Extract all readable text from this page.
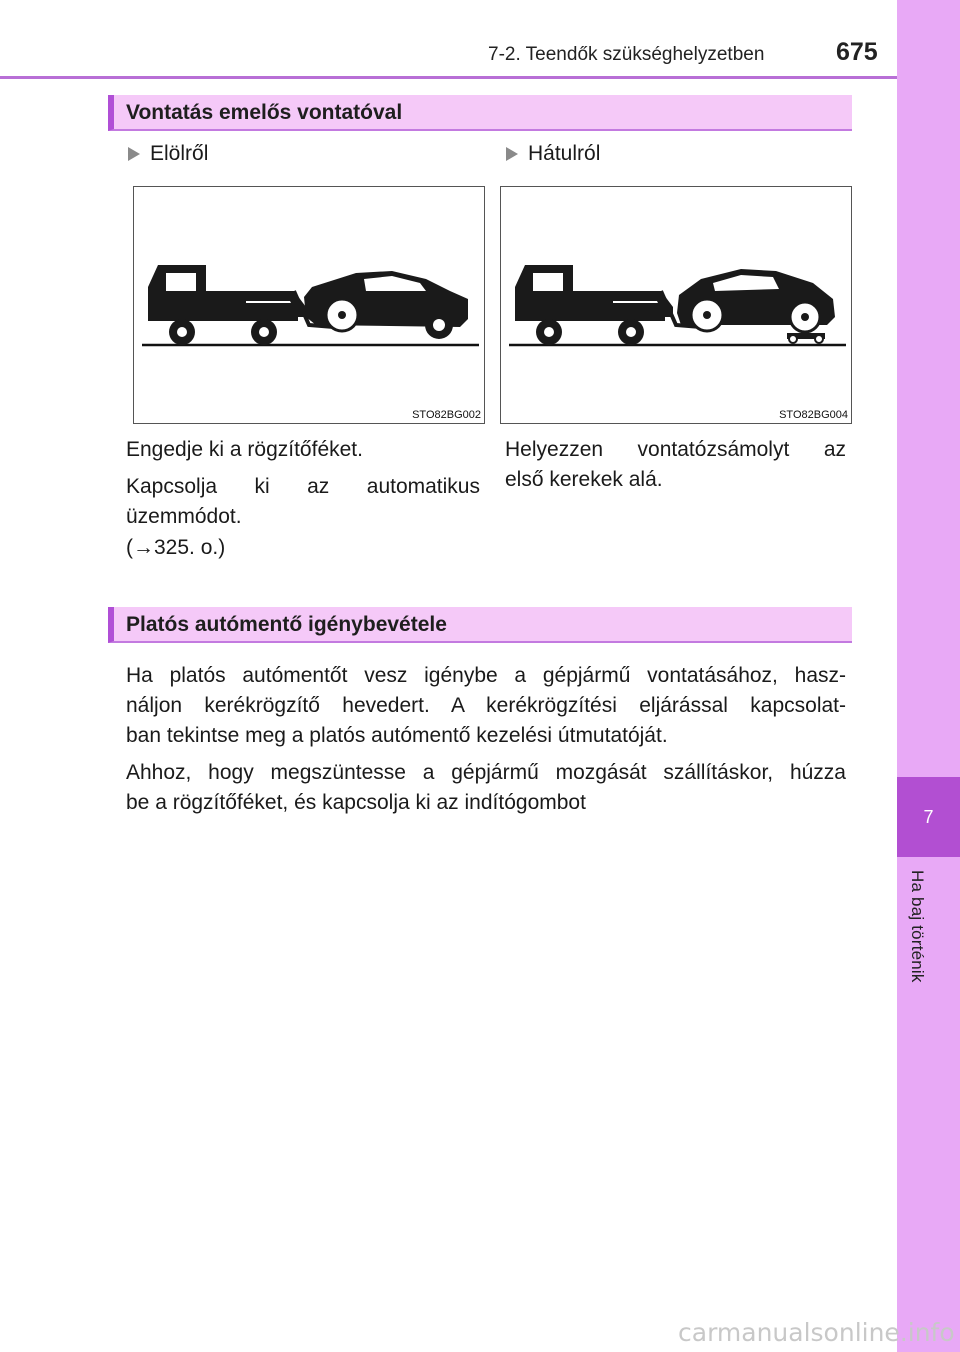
7
Ha baj történik
7-2. Teendők szükséghelyzetben	675
Vontatás emelős vontatóval
Elölről	Hátulról
STO82BG002	STO82BG004
Engedje ki a rögzítőféket.
Kapcsolja ki az automatikus
üzemmódot.
(→325. o.)
Helyezzen vontatózsámolyt az
első kerekek alá.
Platós autómentő igénybevétele
Ha platós autómentőt vesz igénybe a gépjármű vontatásához, hasz-
náljon kerékrögzítő hevedert. A kerékrögzítési eljárással kapcsolat-
ban tekintse meg a platós autómentő kezelési útmutatóját.
Ahhoz, hogy megszüntesse a gépjármű mozgását szállításkor, húzza
be a rögzítőféket, és kapcsolja ki az indítógombot
carmanualsonline.info
